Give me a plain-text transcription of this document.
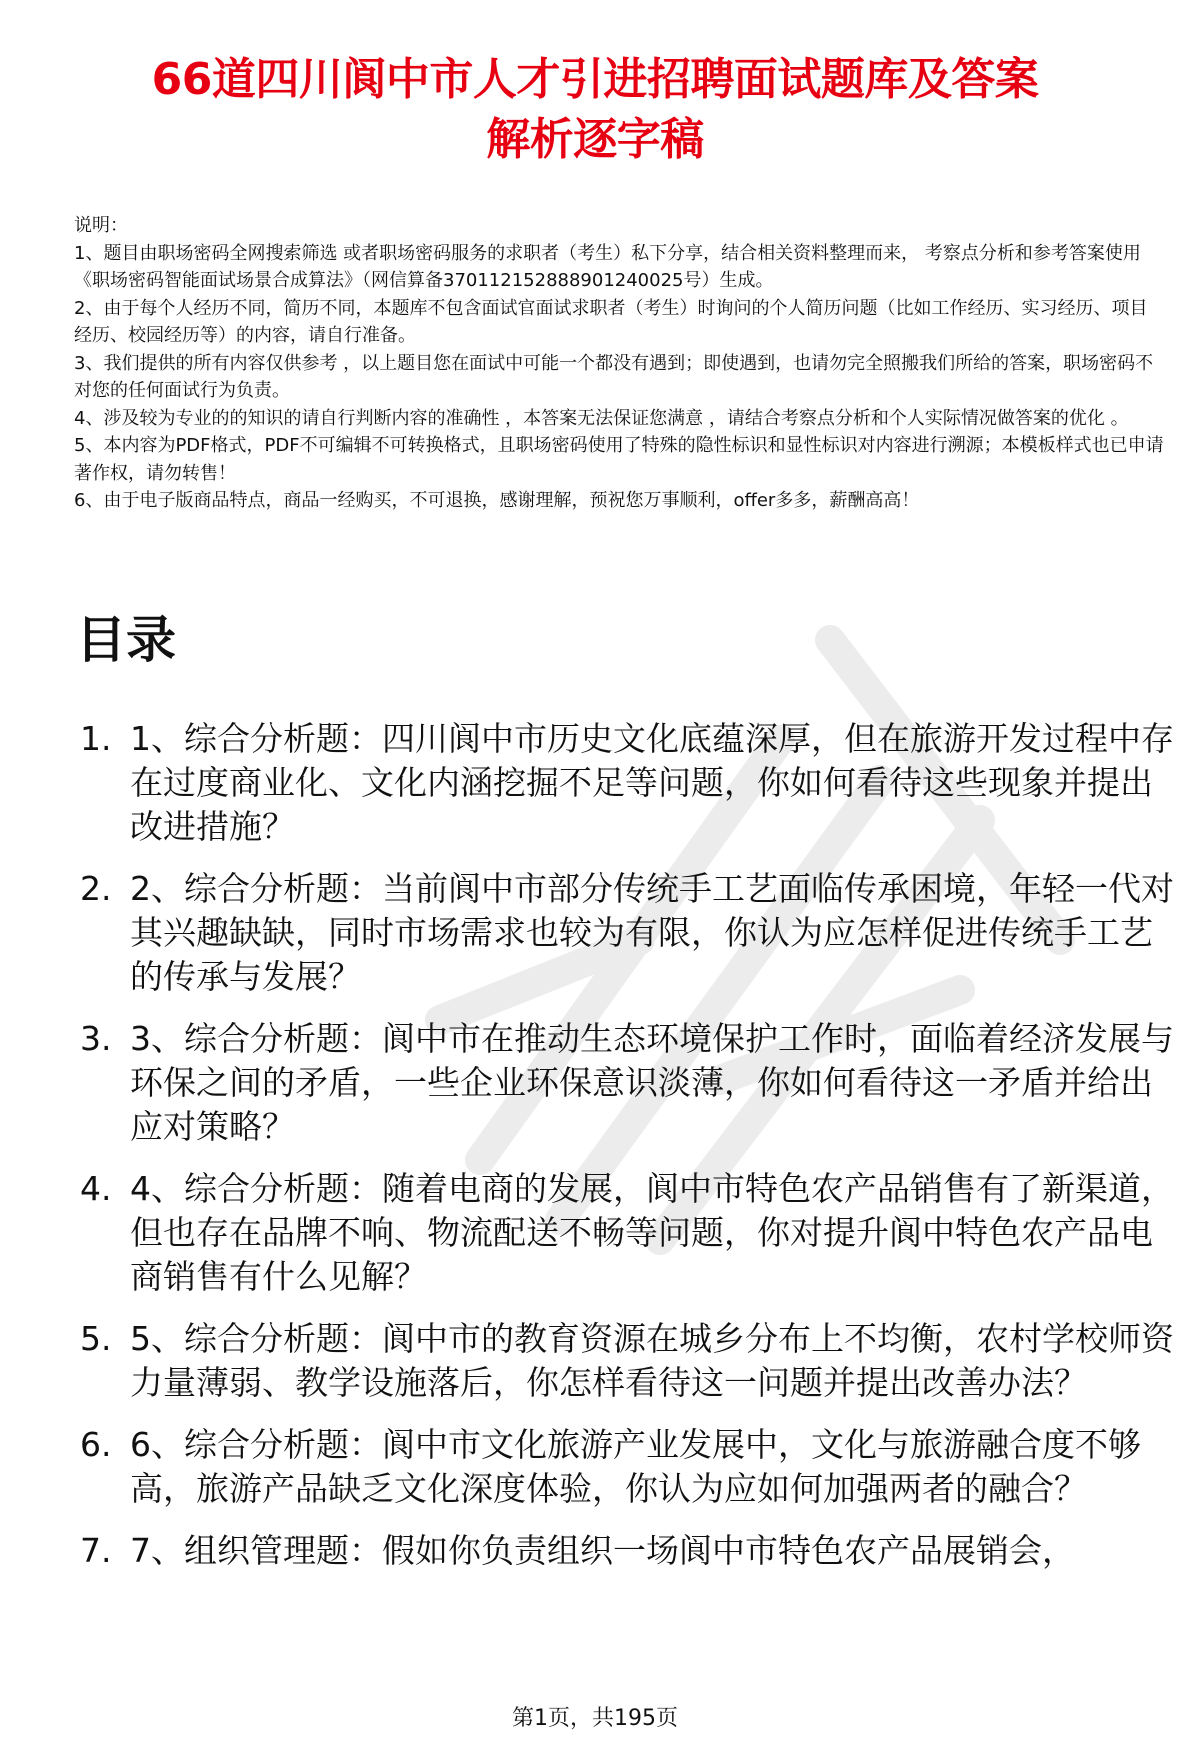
66道四川阆中市人才引进招聘面试题库及答案
解析逐字稿

说明：

1、题目由职场密码全网搜索筛选 或者职场密码服务的求职者（考生）私下分享，结合相关资料整理而来， 考察点分析和参考答案使用《职场密码智能面试场景合成算法》（网信算备370112152888901240025号）生成。

2、由于每个人经历不同，简历不同，本题库不包含面试官面试求职者（考生）时询问的个人简历问题（比如工作经历、实习经历、项目经历、校园经历等）的内容，请自行准备。

3、我们提供的所有内容仅供参考 ，以上题目您在面试中可能一个都没有遇到；即使遇到，也请勿完全照搬我们所给的答案，职场密码不对您的任何面试行为负责。

4、涉及较为专业的的知识的请自行判断内容的准确性 ，本答案无法保证您满意 ，请结合考察点分析和个人实际情况做答案的优化 。

5、本内容为PDF格式，PDF不可编辑不可转换格式，且职场密码使用了特殊的隐性标识和显性标识对内容进行溯源；本模板样式也已申请著作权，请勿转售！

6、由于电子版商品特点，商品一经购买，不可退换，感谢理解，预祝您万事顺利，offer多多，薪酬高高！

目录
1. 1、综合分析题：四川阆中市历史文化底蕴深厚，但在旅游开发过程中存在过度商业化、文化内涵挖掘不足等问题，你如何看待这些现象并提出改进措施？
2. 2、综合分析题：当前阆中市部分传统手工艺面临传承困境，年轻一代对其兴趣缺缺，同时市场需求也较为有限，你认为应怎样促进传统手工艺的传承与发展？
3. 3、综合分析题：阆中市在推动生态环境保护工作时，面临着经济发展与环保之间的矛盾，一些企业环保意识淡薄，你如何看待这一矛盾并给出应对策略？
4. 4、综合分析题：随着电商的发展，阆中市特色农产品销售有了新渠道，但也存在品牌不响、物流配送不畅等问题，你对提升阆中特色农产品电商销售有什么见解？
5. 5、综合分析题：阆中市的教育资源在城乡分布上不均衡，农村学校师资力量薄弱、教学设施落后，你怎样看待这一问题并提出改善办法？
6. 6、综合分析题：阆中市文化旅游产业发展中，文化与旅游融合度不够高，旅游产品缺乏文化深度体验，你认为应如何加强两者的融合？
7. 7、组织管理题：假如你负责组织一场阆中市特色农产品展销会，
第1页，共195页
